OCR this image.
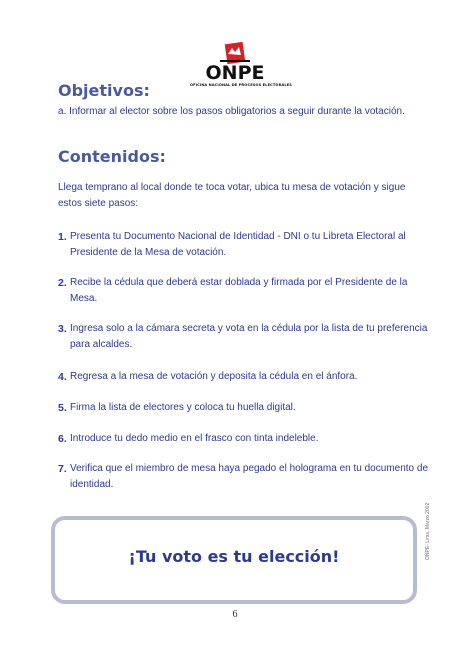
ONPE
OFICINA NACIONAL DE PROCESOS ELECTORALES
Objetivos:

a. Informar al elector sobre los pasos obligatorios a seguir durante la votación.

Contenidos:

Llega temprano al local donde te toca votar, ubica tu mesa de votación y sigue

estos siete pasos:

1. Presenta tu Documento Nacional de Identidad - DNI o tu Libreta Electoral al Presidente de la Mesa de votación.
2. Recibe la cédula que deberá estar doblada y firmada por el Presidente de la Mesa.
3. Ingresa solo a la cámara secreta y vota en la cédula por la lista de tu preferencia para alcaldes.
4. Regresa a la mesa de votación y deposita la cédula en el ánfora.
5. Firma la lista de electores y coloca tu huella digital.
6. Introduce tu dedo medio en el frasco con tinta indeleble.
7. Verifica que el miembro de mesa haya pegado el holograma en tu documento de identidad.
¡Tu voto es tu elección!
6
ONPE- Lima, Marzo 2002
